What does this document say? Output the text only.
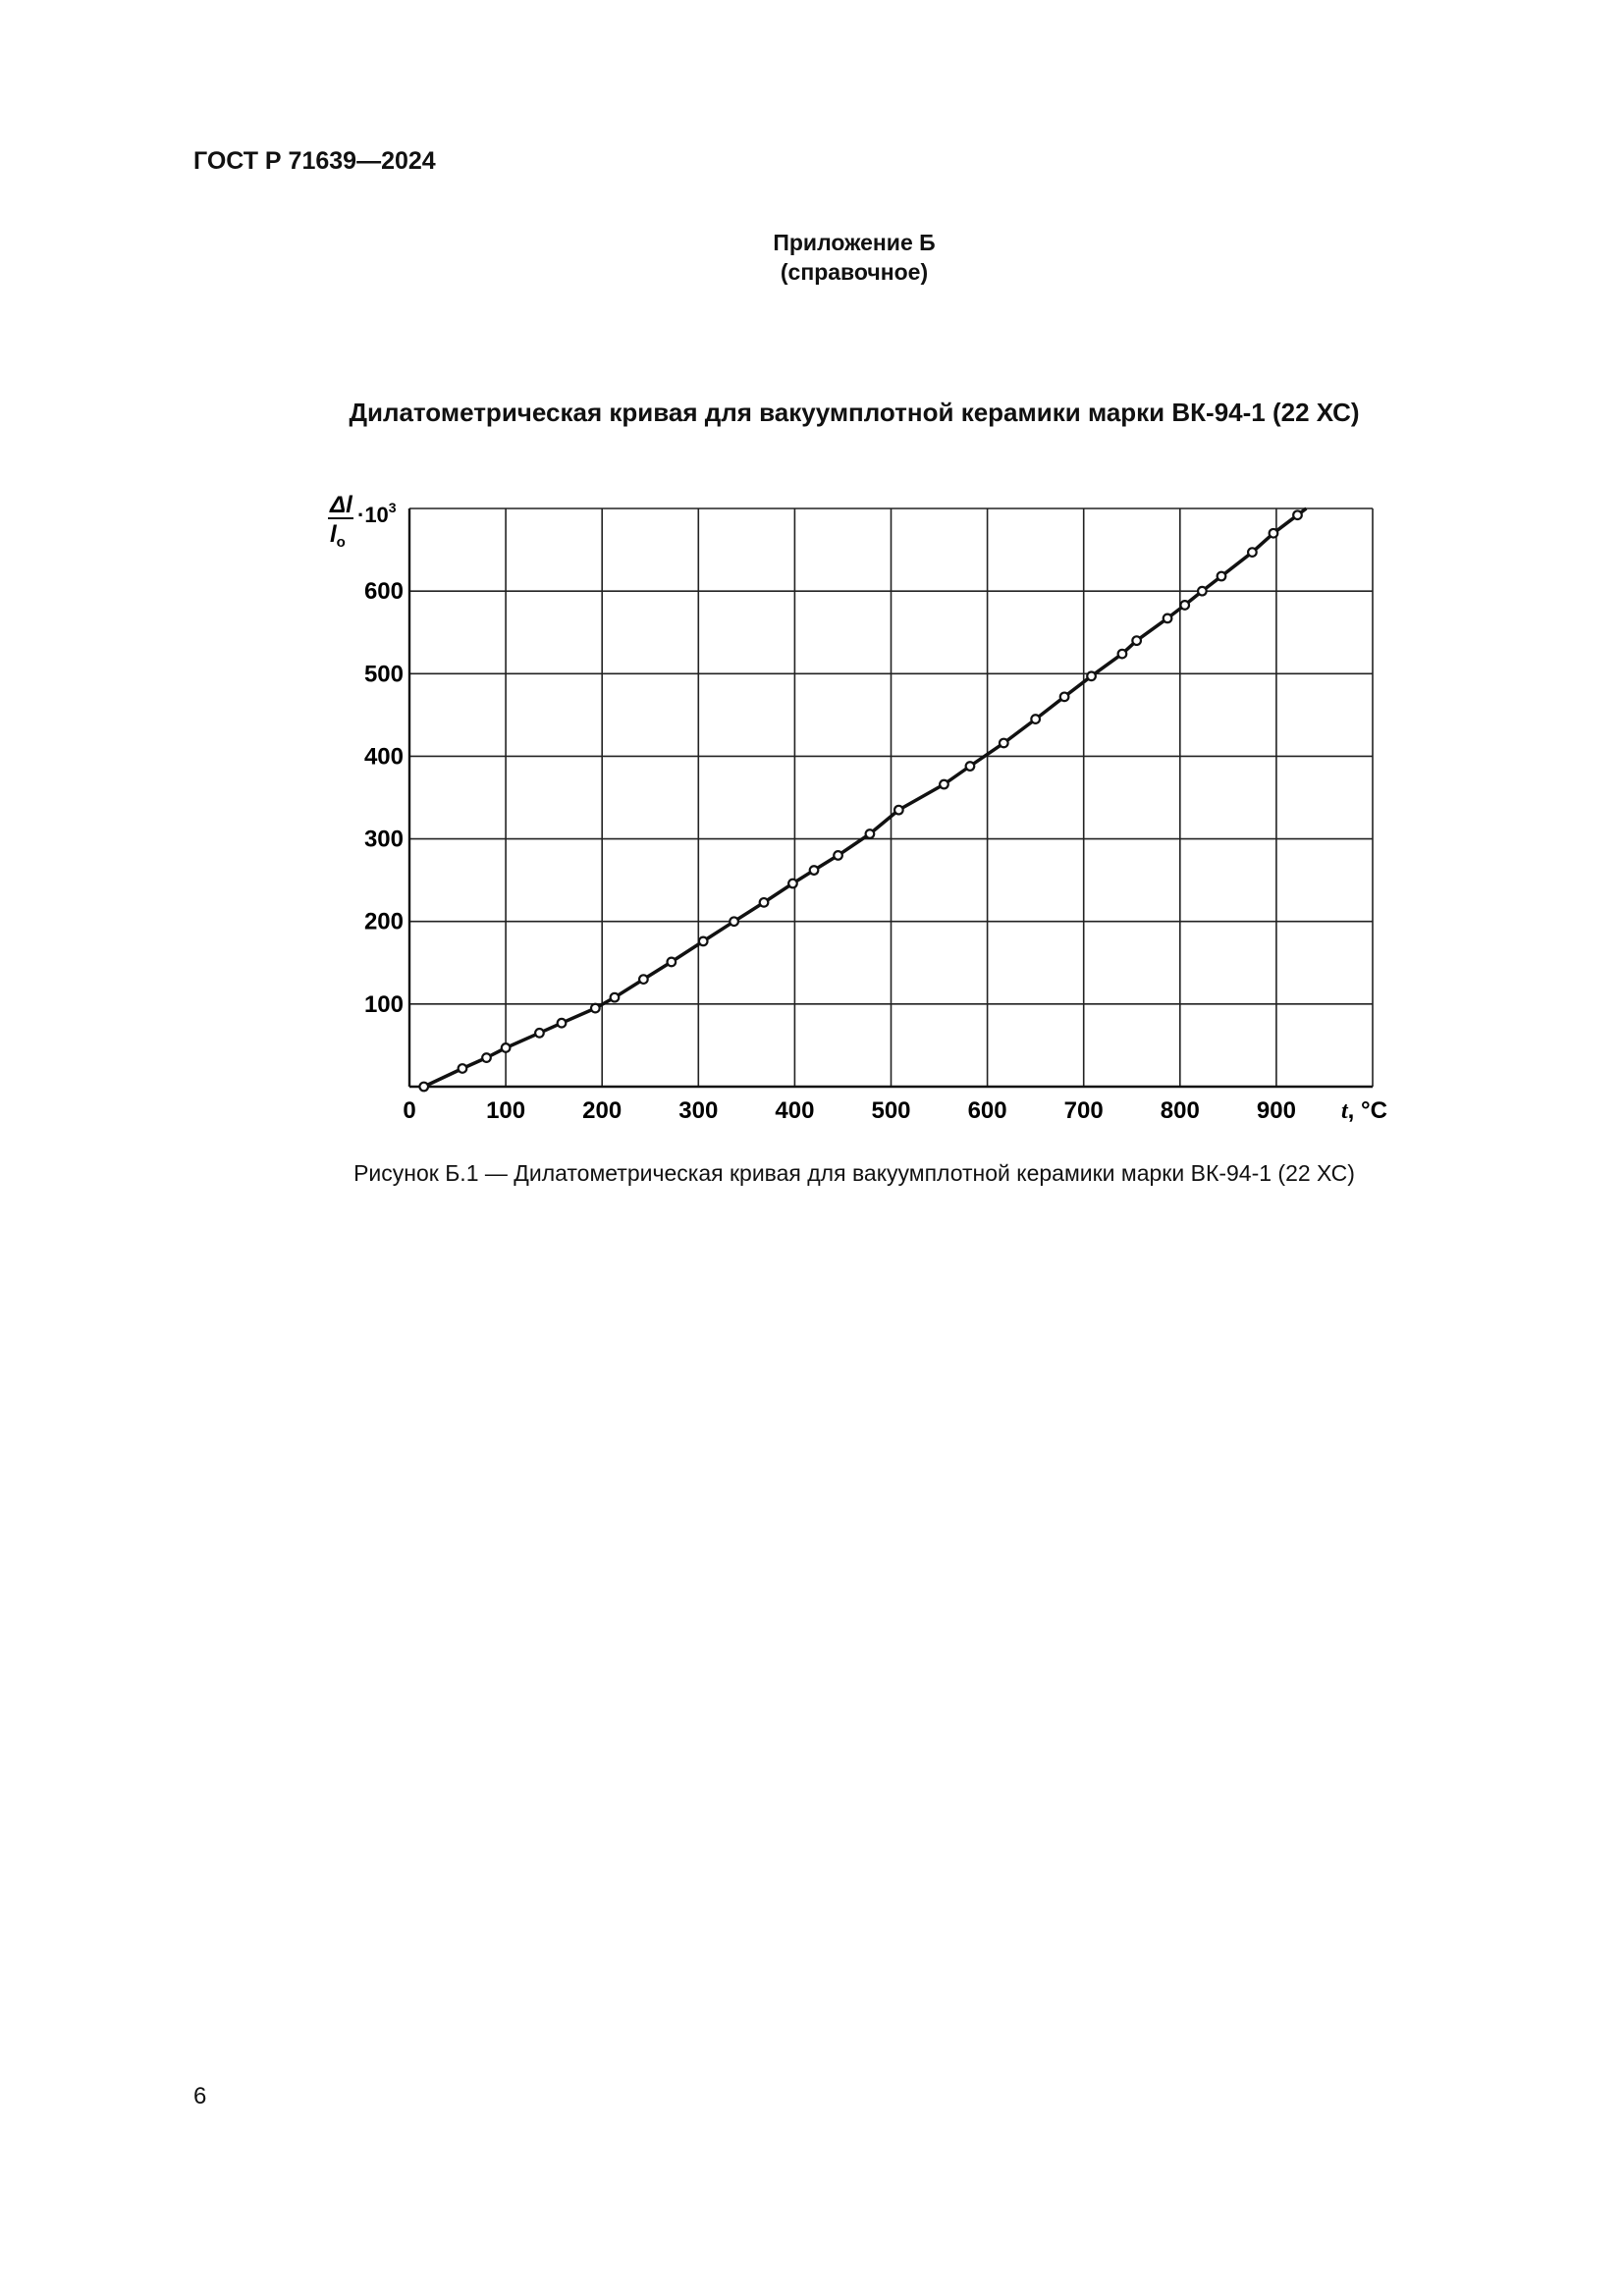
ГОСТ Р 71639—2024
Приложение Б
(справочное)
Дилатометрическая кривая для вакуумплотной керамики марки ВК-94-1 (22 ХС)
0	100 200 300 400 500 600 700 800 900
100
200
300
400
500
600
Δl
$l_o$
$\cdot 10^3$
t, °C
Рисунок Б.1 — Дилатометрическая кривая для вакуумплотной керамики марки ВК-94-1 (22 ХС)
6
